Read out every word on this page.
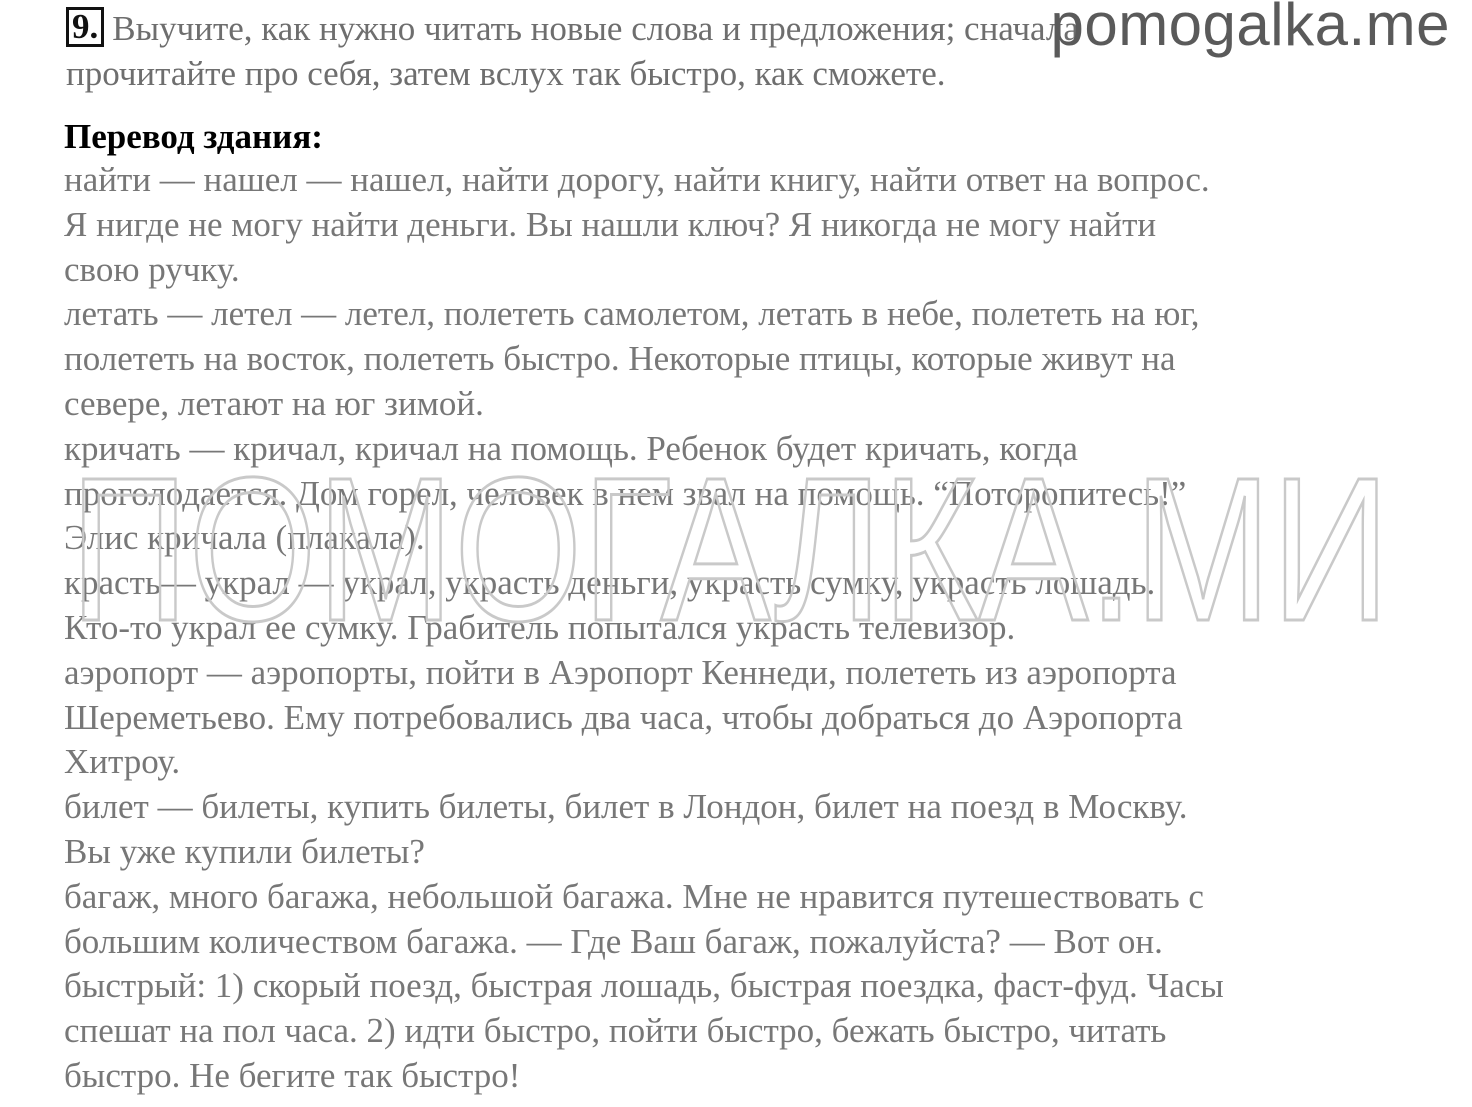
9. Выучите, как нужно читать новые слова и предложения; сначала
прочитайте про себя, затем вслух так быстро, как сможете.
pomogalka.me
Перевод здания:
найти — нашел — нашел, найти дорогу, найти книгу, найти ответ на вопрос.
Я нигде не могу найти деньги. Вы нашли ключ? Я никогда не могу найти
свою ручку.
летать — летел — летел, полететь самолетом, летать в небе, полететь на юг,
полететь на восток, полететь быстро. Некоторые птицы, которые живут на
севере, летают на юг зимой.
кричать — кричал, кричал на помощь. Ребенок будет кричать, когда
проголодается. Дом горел, человек в нем звал на помощь. “Поторопитесь!”
Элис кричала (плакала).
красть— украл — украл, украсть деньги, украсть сумку, украсть лошадь.
Кто-то украл ее сумку. Грабитель попытался украсть телевизор.
аэропорт — аэропорты, пойти в Аэропорт Кеннеди, полететь из аэропорта
Шереметьево. Ему потребовались два часа, чтобы добраться до Аэропорта
Хитроу.
билет — билеты, купить билеты, билет в Лондон, билет на поезд в Москву.
Вы уже купили билеты?
багаж, много багажа, небольшой багажа. Мне не нравится путешествовать с
большим количеством багажа. — Где Ваш багаж, пожалуйста? — Вот он.
быстрый: 1) скорый поезд, быстрая лошадь, быстрая поездка, фаст-фуд. Часы
спешат на пол часа. 2) идти быстро, пойти быстро, бежать быстро, читать
быстро. Не бегите так быстро!
ПОМОГАЛКА.МИ
